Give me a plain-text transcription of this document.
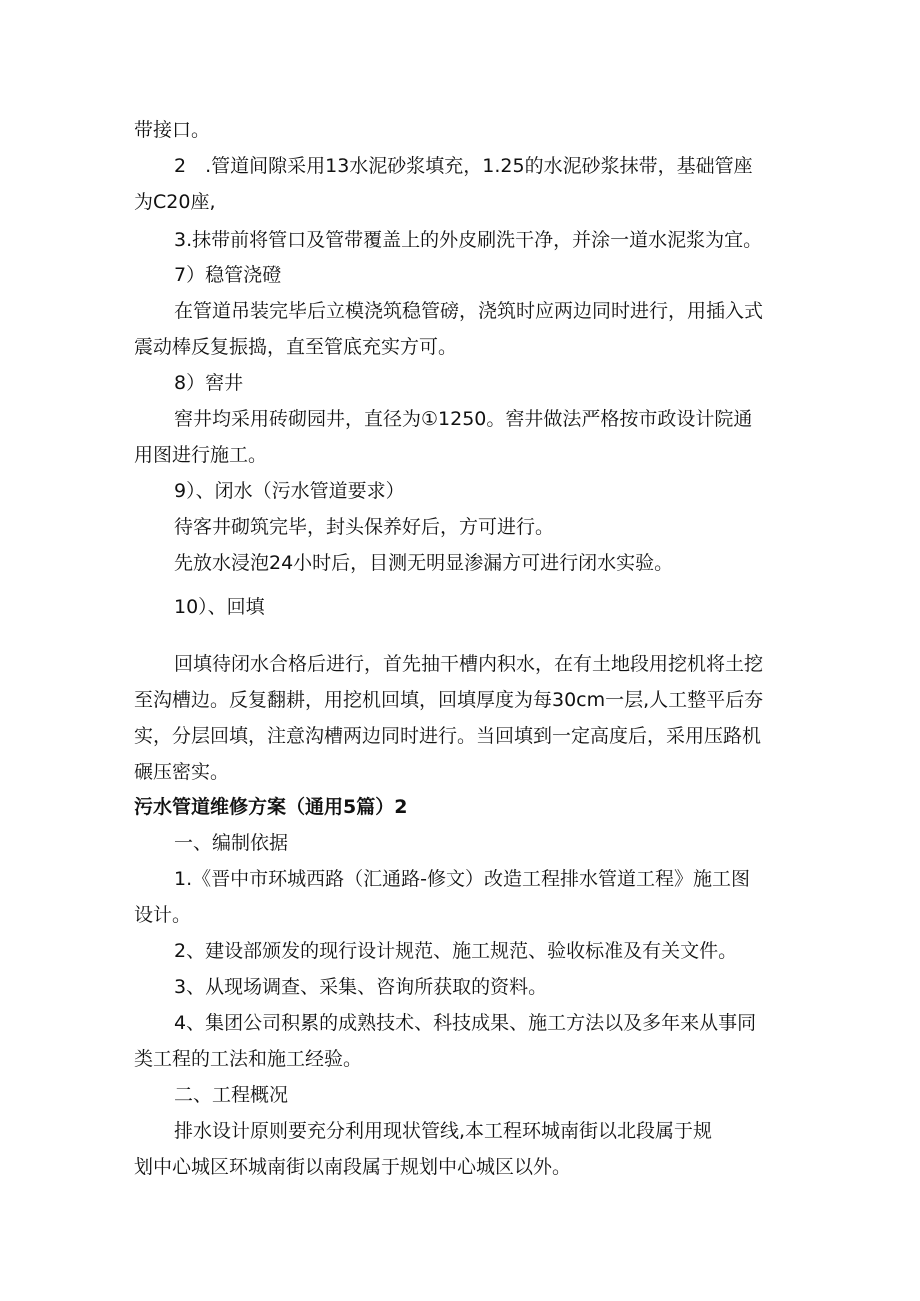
带接口。
2　.管道间隙采用13水泥砂浆填充，1.25的水泥砂浆抹带，基础管座
为C20座,
3.抹带前将管口及管带覆盖上的外皮刷洗干净，并涂一道水泥浆为宜。
7）稳管浇磴
在管道吊装完毕后立模浇筑稳管磅，浇筑时应两边同时进行，用插入式
震动棒反复振捣，直至管底充实方可。
8）窖井
窖井均采用砖砌园井，直径为①1250。窖井做法严格按市政设计院通
用图进行施工。
9）、闭水（污水管道要求）
待客井砌筑完毕，封头保养好后，方可进行。
先放水浸泡24小时后，目测无明显渗漏方可进行闭水实验。
10）、回填
回填待闭水合格后进行，首先抽干槽内积水，在有土地段用挖机将土挖
至沟槽边。反复翻耕，用挖机回填，回填厚度为每30cm一层,人工整平后夯
实，分层回填，注意沟槽两边同时进行。当回填到一定高度后，采用压路机
碾压密实。
污水管道维修方案（通用5篇）2
一、编制依据
1.《晋中市环城西路（汇通路-修文）改造工程排水管道工程》施工图
设计。
2、建设部颁发的现行设计规范、施工规范、验收标准及有关文件。
3、从现场调查、采集、咨询所获取的资料。
4、集团公司积累的成熟技术、科技成果、施工方法以及多年来从事同
类工程的工法和施工经验。
二、工程概况
排水设计原则要充分利用现状管线,本工程环城南街以北段属于规
划中心城区环城南街以南段属于规划中心城区以外。
